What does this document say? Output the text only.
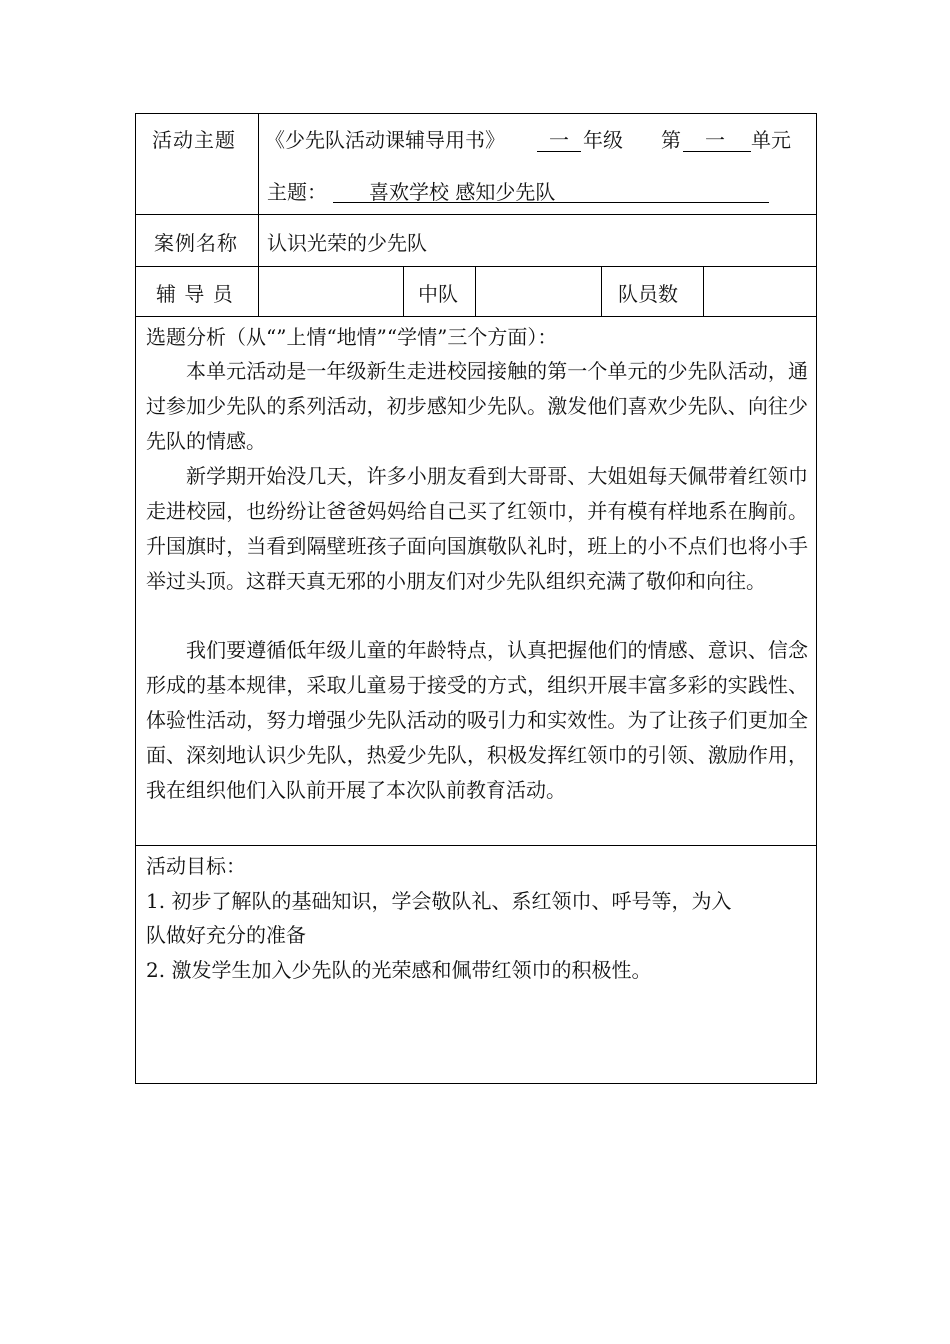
活动主题 《少先队活动课辅导用书》 一 年级 第 一 单元
主题： 喜欢学校 感知少先队
案例名称 认识光荣的少先队
辅 导 员	中队	队员数
选题分析（从“”上情“地情”“学情”三个方面）：
本单元活动是一年级新生走进校园接触的第一个单元的少先队活动，通过参加少先队的系列活动，初步感知少先队。激发他们喜欢少先队、向往少先队的情感。
新学期开始没几天，许多小朋友看到大哥哥、大姐姐每天佩带着红领巾走进校园，也纷纷让爸爸妈妈给自己买了红领巾，并有模有样地系在胸前。升国旗时，当看到隔壁班孩子面向国旗敬队礼时，班上的小不点们也将小手举过头顶。这群天真无邪的小朋友们对少先队组织充满了敬仰和向往。
我们要遵循低年级儿童的年龄特点，认真把握他们的情感、意识、信念形成的基本规律，采取儿童易于接受的方式，组织开展丰富多彩的实践性、体验性活动，努力增强少先队活动的吸引力和实效性。为了让孩子们更加全面、深刻地认识少先队，热爱少先队，积极发挥红领巾的引领、激励作用，我在组织他们入队前开展了本次队前教育活动。
活动目标：
1. 初步了解队的基础知识，学会敬队礼、系红领巾、呼号等，为入
队做好充分的准备
2. 激发学生加入少先队的光荣感和佩带红领巾的积极性。
